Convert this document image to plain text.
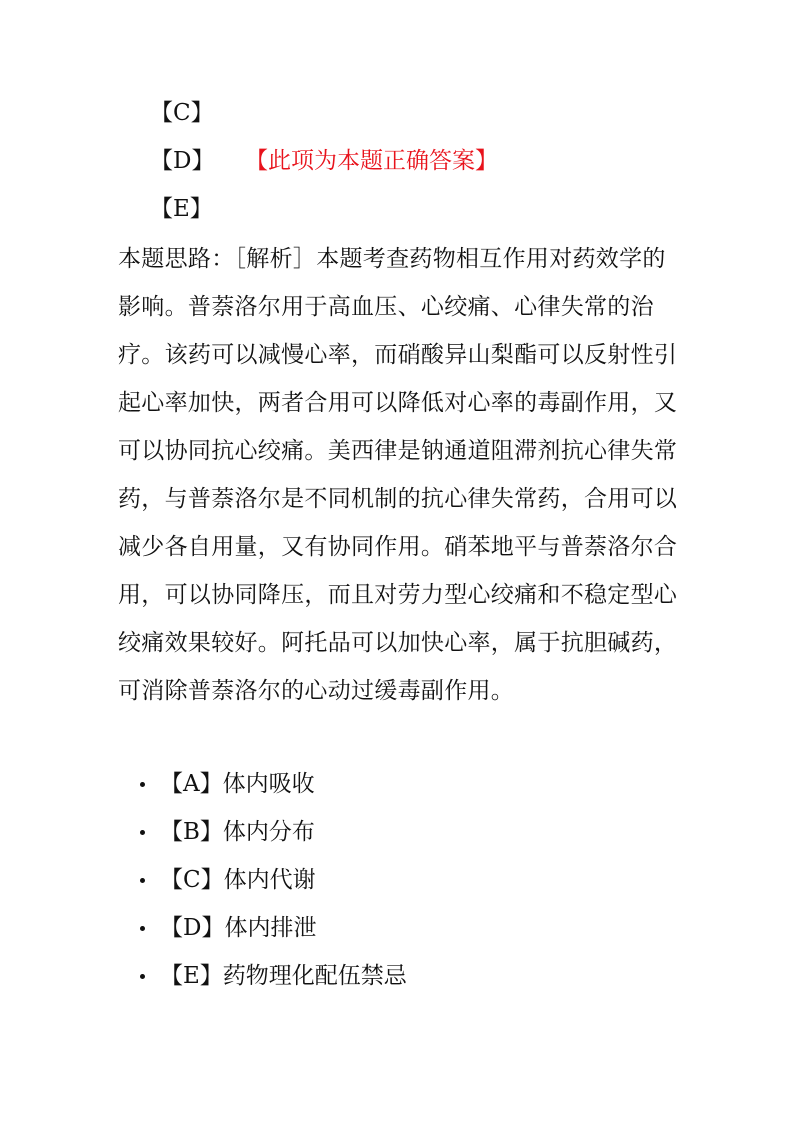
【C】
【D】 【此项为本题正确答案】
【E】

本题思路：［解析］本题考查药物相互作用对药效学的影响。普萘洛尔用于高血压、心绞痛、心律失常的治疗。该药可以减慢心率，而硝酸异山梨酯可以反射性引起心率加快，两者合用可以降低对心率的毒副作用，又可以协同抗心绞痛。美西律是钠通道阻滞剂抗心律失常药，与普萘洛尔是不同机制的抗心律失常药，合用可以减少各自用量，又有协同作用。硝苯地平与普萘洛尔合用，可以协同降压，而且对劳力型心绞痛和不稳定型心绞痛效果较好。阿托品可以加快心率，属于抗胆碱药，可消除普萘洛尔的心动过缓毒副作用。

【A】体内吸收
【B】体内分布
【C】体内代谢
【D】体内排泄
【E】药物理化配伍禁忌
